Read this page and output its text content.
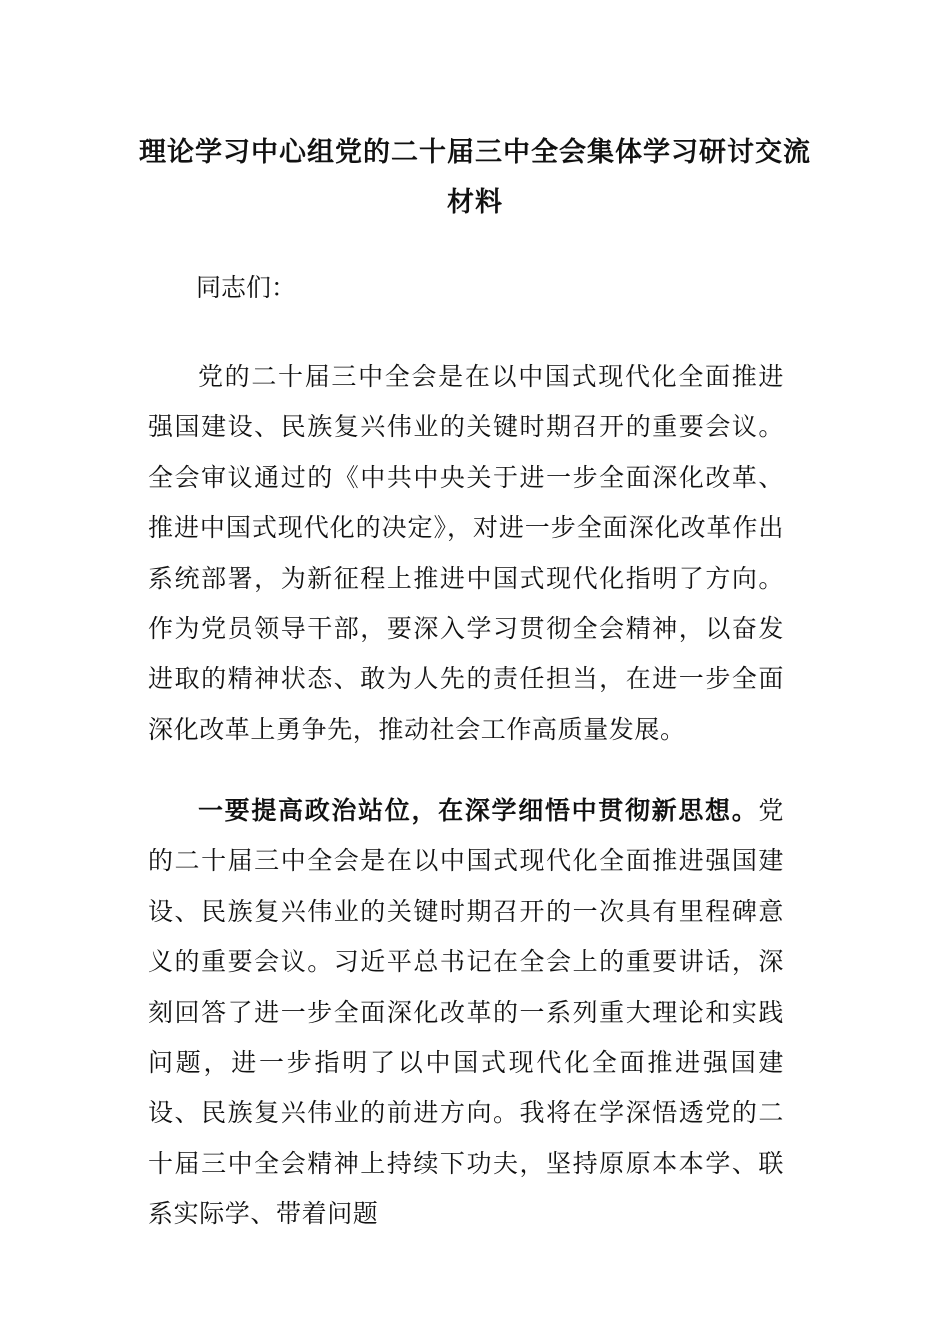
理论学习中心组党的二十届三中全会集体学习研讨交流材料

同志们：

党的二十届三中全会是在以中国式现代化全面推进强国建设、民族复兴伟业的关键时期召开的重要会议。全会审议通过的《中共中央关于进一步全面深化改革、推进中国式现代化的决定》，对进一步全面深化改革作出系统部署，为新征程上推进中国式现代化指明了方向。作为党员领导干部，要深入学习贯彻全会精神，以奋发进取的精神状态、敢为人先的责任担当，在进一步全面深化改革上勇争先，推动社会工作高质量发展。

一要提高政治站位，在深学细悟中贯彻新思想。党的二十届三中全会是在以中国式现代化全面推进强国建设、民族复兴伟业的关键时期召开的一次具有里程碑意义的重要会议。习近平总书记在全会上的重要讲话，深刻回答了进一步全面深化改革的一系列重大理论和实践问题，进一步指明了以中国式现代化全面推进强国建设、民族复兴伟业的前进方向。我将在学深悟透党的二十届三中全会精神上持续下功夫，坚持原原本本学、联系实际学、带着问题
